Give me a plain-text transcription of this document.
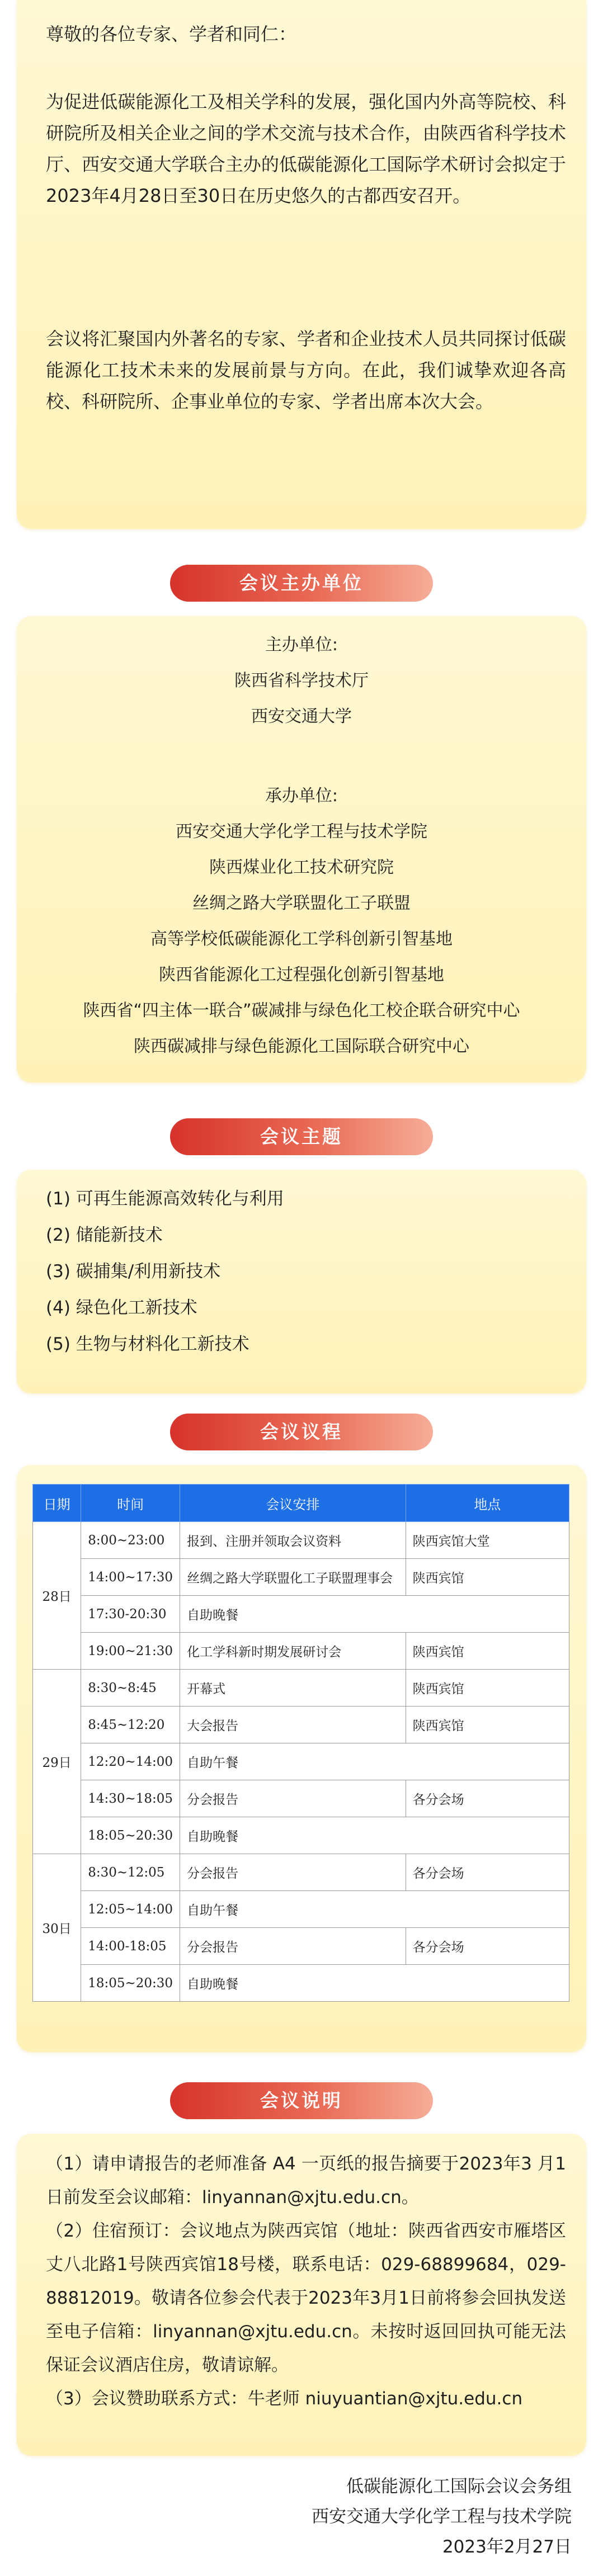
尊敬的各位专家、学者和同仁：
为促进低碳能源化工及相关学科的发展，强化国内外高等院校、科研院所及相关企业之间的学术交流与技术合作，由陕西省科学技术厅、西安交通大学联合主办的低碳能源化工国际学术研讨会拟定于2023年4月28日至30日在历史悠久的古都西安召开。
会议将汇聚国内外著名的专家、学者和企业技术人员共同探讨低碳能源化工技术未来的发展前景与方向。在此，我们诚挚欢迎各高校、科研院所、企事业单位的专家、学者出席本次大会。
会议主办单位
主办单位:
陕西省科学技术厅
西安交通大学
承办单位:
西安交通大学化学工程与技术学院
陕西煤业化工技术研究院
丝绸之路大学联盟化工子联盟
高等学校低碳能源化工学科创新引智基地
陕西省能源化工过程强化创新引智基地
陕西省“四主体一联合”碳减排与绿色化工校企联合研究中心
陕西碳减排与绿色能源化工国际联合研究中心
会议主题
(1) 可再生能源高效转化与利用
(2) 储能新技术
(3) 碳捕集/利用新技术
(4) 绿色化工新技术
(5) 生物与材料化工新技术
会议议程
日期	时间	会议安排	地点
28日	8:00~23:00	报到、注册并领取会议资料	陕西宾馆大堂
	14:00~17:30	丝绸之路大学联盟化工子联盟理事会	陕西宾馆
	17:30-20:30	自助晚餐	
	19:00~21:30	化工学科新时期发展研讨会	陕西宾馆
29日	8:30~8:45	开幕式	陕西宾馆
	8:45~12:20	大会报告	陕西宾馆
	12:20~14:00	自助午餐	
	14:30~18:05	分会报告	各分会场
	18:05~20:30	自助晚餐	
30日	8:30~12:05	分会报告	各分会场
	12:05~14:00	自助午餐	
	14:00-18:05	分会报告	各分会场
	18:05~20:30	自助晚餐	
会议说明

（1）请申请报告的老师准备 A4 一页纸的报告摘要于2023年3 月1 日前发至会议邮箱：linyannan@xjtu.edu.cn。

（2）住宿预订：会议地点为陕西宾馆（地址：陕西省西安市雁塔区丈八北路1号陕西宾馆18号楼，联系电话：029-68899684，029-88812019。敬请各位参会代表于2023年3月1日前将参会回执发送至电子信箱：linyannan@xjtu.edu.cn。未按时返回回执可能无法保证会议酒店住房，敬请谅解。

（3）会议赞助联系方式：牛老师 niuyuantian@xjtu.edu.cn

低碳能源化工国际会议会务组
西安交通大学化学工程与技术学院
2023年2月27日
